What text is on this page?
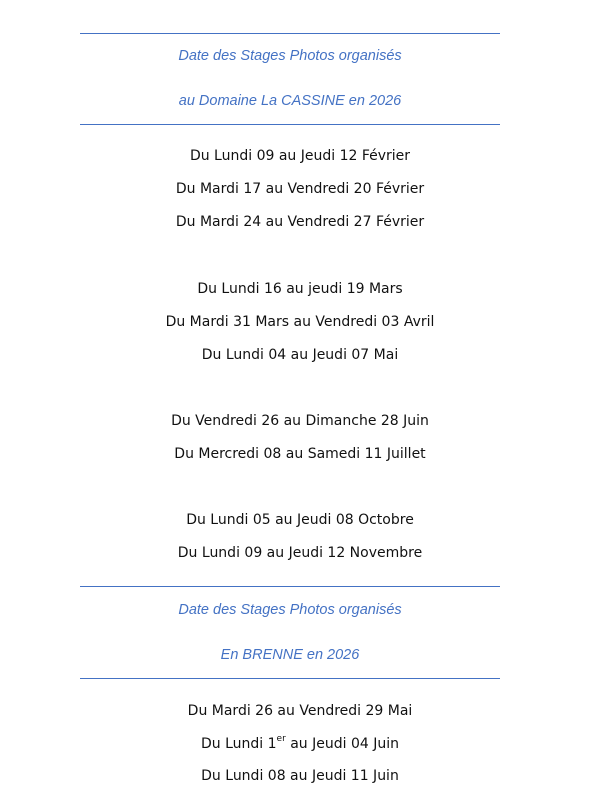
Date des Stages Photos organisés
au Domaine La CASSINE en 2026
Du Lundi 09 au Jeudi 12 Février
Du Mardi 17 au Vendredi 20 Février
Du Mardi 24 au Vendredi 27 Février
Du Lundi 16 au jeudi 19 Mars
Du Mardi 31 Mars au Vendredi 03 Avril
Du Lundi 04 au Jeudi 07 Mai
Du Vendredi 26 au Dimanche 28 Juin
Du Mercredi 08 au Samedi 11 Juillet
Du Lundi 05 au Jeudi 08 Octobre
Du Lundi 09 au Jeudi 12 Novembre
Date des Stages Photos organisés
En BRENNE en 2026
Du Mardi 26 au Vendredi 29 Mai
Du Lundi 1er au Jeudi 04 Juin
Du Lundi 08 au Jeudi 11 Juin
